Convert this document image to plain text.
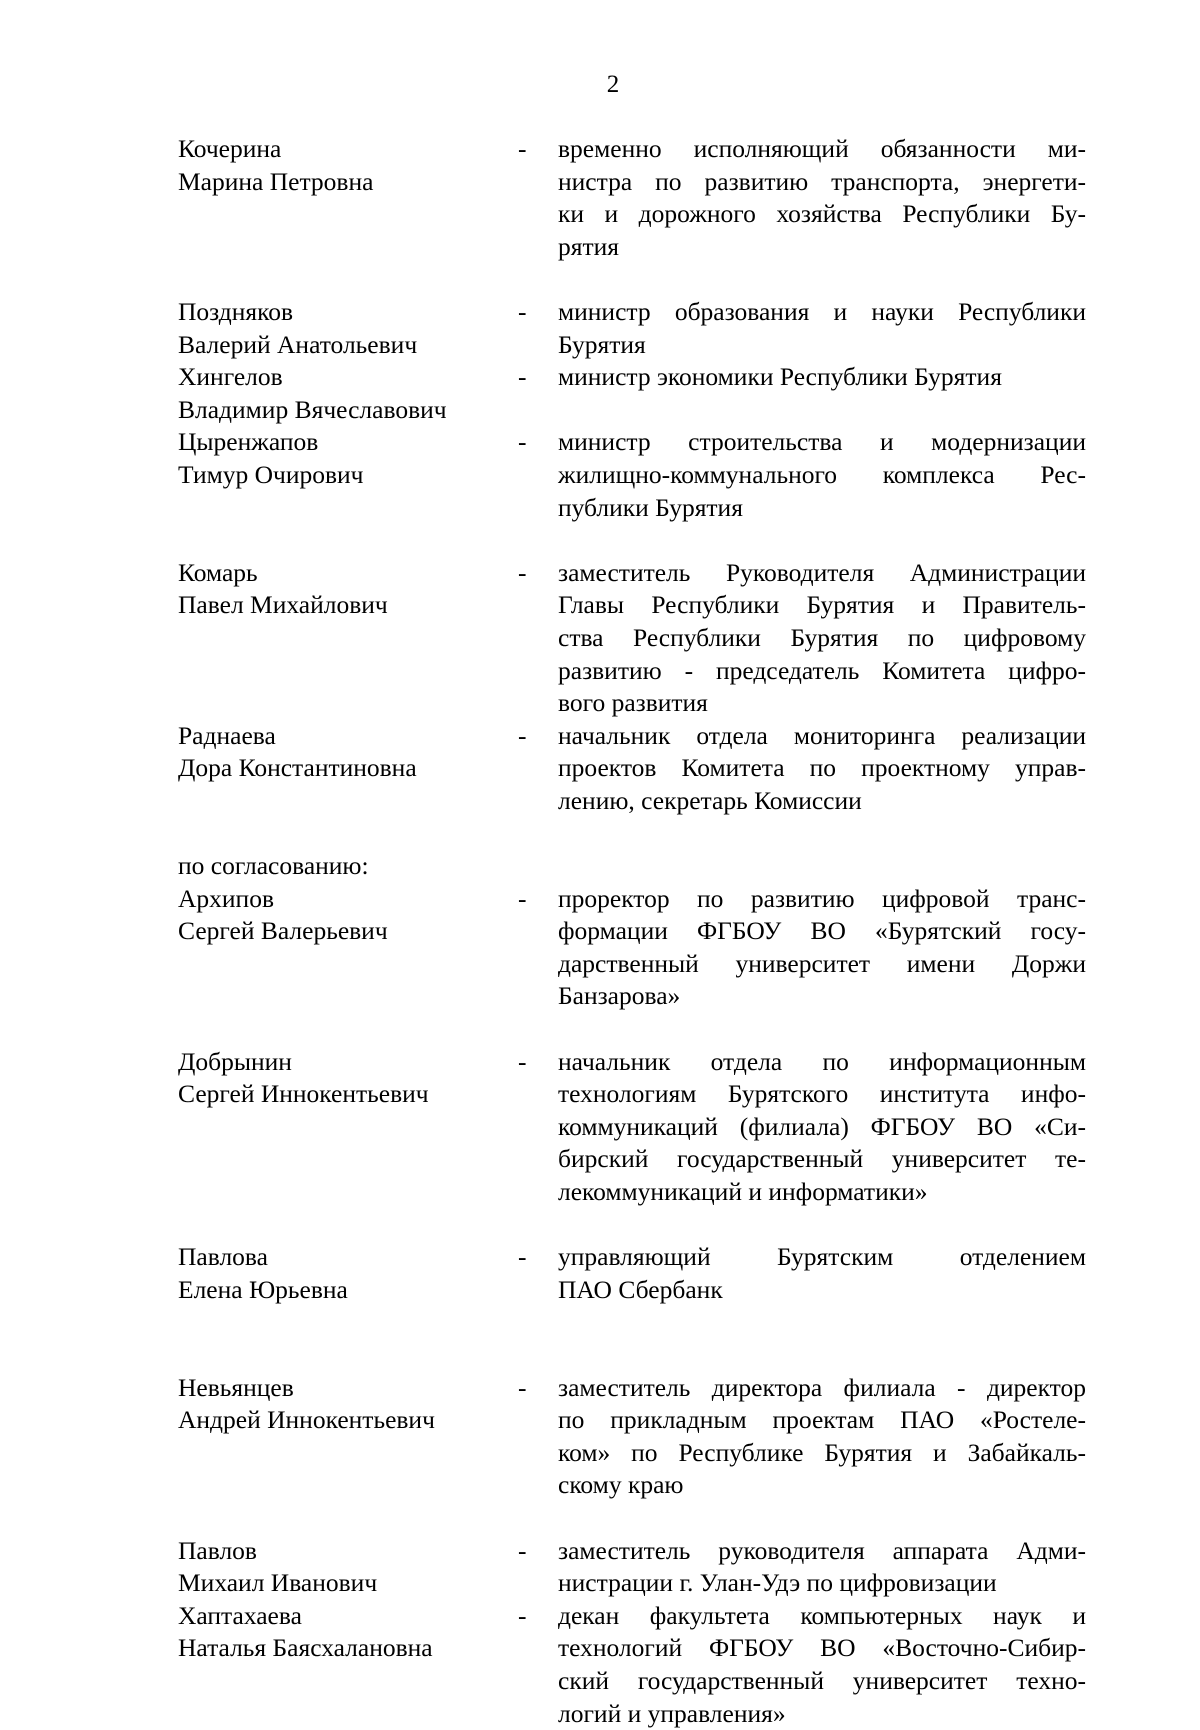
2
Кочерина
Марина Петровна
-	временно исполняющий обязанности ми-
нистра по развитию транспорта, энергети-
ки и дорожного хозяйства Республики Бу-
рятия
Поздняков
Валерий Анатольевич
-	министр образования и науки Республики
Бурятия
Хингелов
Владимир Вячеславович
-	министр экономики Республики Бурятия
Цыренжапов
Тимур Очирович
-	министр строительства и модернизации
жилищно-коммунального комплекса Рес-
публики Бурятия
Комарь
Павел Михайлович
-	заместитель Руководителя Администрации
Главы Республики Бурятия и Правитель-
ства Республики Бурятия по цифровому
развитию - председатель Комитета цифро-
вого развития
Раднаева
Дора Константиновна
-	начальник отдела мониторинга реализации
проектов Комитета по проектному управ-
лению, секретарь Комиссии
по согласованию:
Архипов
Сергей Валерьевич
-	проректор по развитию цифровой транс-
формации ФГБОУ ВО «Бурятский госу-
дарственный университет имени Доржи
Банзарова»
Добрынин
Сергей Иннокентьевич
-	начальник отдела по информационным
технологиям Бурятского института инфо-
коммуникаций (филиала) ФГБОУ ВО «Си-
бирский государственный университет те-
лекоммуникаций и информатики»
Павлова
Елена Юрьевна
-	управляющий Бурятским отделением
ПАО Сбербанк
Невьянцев
Андрей Иннокентьевич
-	заместитель директора филиала - директор
по прикладным проектам ПАО «Ростеле-
ком» по Республике Бурятия и Забайкаль-
скому краю
Павлов
Михаил Иванович
-	заместитель руководителя аппарата Адми-
нистрации г. Улан-Удэ по цифровизации
Хаптахаева
Наталья Баясхалановна
-	декан факультета компьютерных наук и
технологий ФГБОУ ВО «Восточно-Сибир-
ский государственный университет техно-
логий и управления»
